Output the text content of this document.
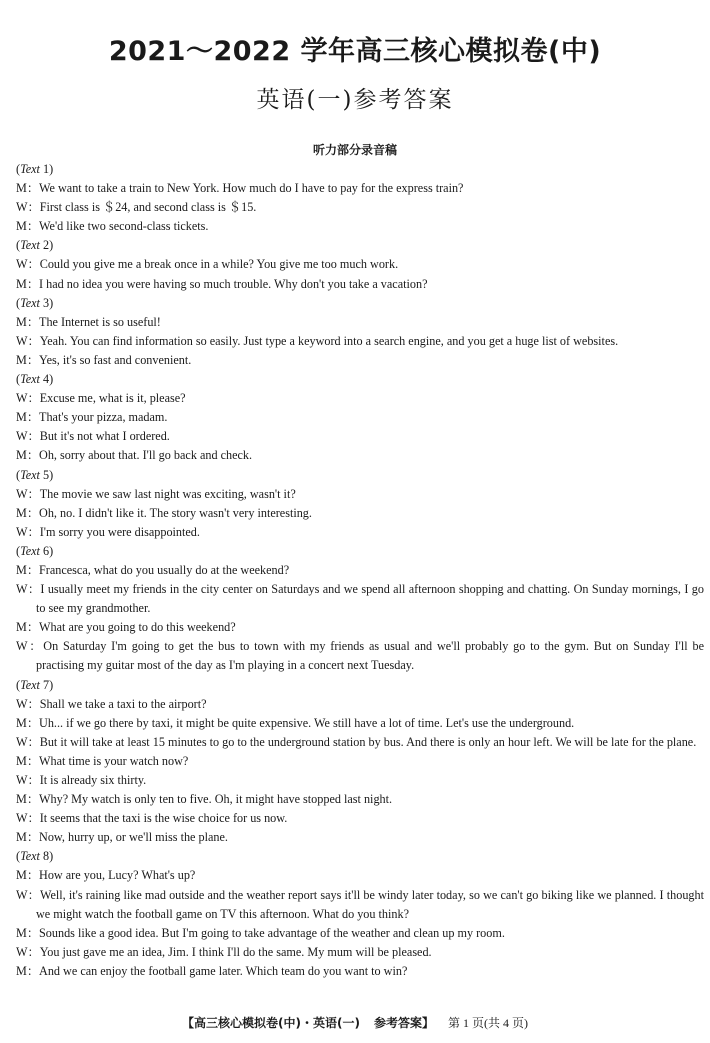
2021～2022 学年高三核心模拟卷(中)
英语(一)参考答案
听力部分录音稿
(Text 1)
M：We want to take a train to New York. How much do I have to pay for the express train?
W：First class is ＄24, and second class is ＄15.
M：We'd like two second-class tickets.
(Text 2)
W：Could you give me a break once in a while? You give me too much work.
M：I had no idea you were having so much trouble. Why don't you take a vacation?
(Text 3)
M：The Internet is so useful!
W：Yeah. You can find information so easily. Just type a keyword into a search engine, and you get a huge list of websites.
M：Yes, it's so fast and convenient.
(Text 4)
W：Excuse me, what is it, please?
M：That's your pizza, madam.
W：But it's not what I ordered.
M：Oh, sorry about that. I'll go back and check.
(Text 5)
W：The movie we saw last night was exciting, wasn't it?
M：Oh, no. I didn't like it. The story wasn't very interesting.
W：I'm sorry you were disappointed.
(Text 6)
M：Francesca, what do you usually do at the weekend?
W：I usually meet my friends in the city center on Saturdays and we spend all afternoon shopping and chatting. On Sunday mornings, I go to see my grandmother.
M：What are you going to do this weekend?
W：On Saturday I'm going to get the bus to town with my friends as usual and we'll probably go to the gym. But on Sunday I'll be practising my guitar most of the day as I'm playing in a concert next Tuesday.
(Text 7)
W：Shall we take a taxi to the airport?
M：Uh... if we go there by taxi, it might be quite expensive. We still have a lot of time. Let's use the underground.
W：But it will take at least 15 minutes to go to the underground station by bus. And there is only an hour left. We will be late for the plane.
M：What time is your watch now?
W：It is already six thirty.
M：Why? My watch is only ten to five. Oh, it might have stopped last night.
W：It seems that the taxi is the wise choice for us now.
M：Now, hurry up, or we'll miss the plane.
(Text 8)
M：How are you, Lucy? What's up?
W：Well, it's raining like mad outside and the weather report says it'll be windy later today, so we can't go biking like we planned. I thought we might watch the football game on TV this afternoon. What do you think?
M：Sounds like a good idea. But I'm going to take advantage of the weather and clean up my room.
W：You just gave me an idea, Jim. I think I'll do the same. My mum will be pleased.
M：And we can enjoy the football game later. Which team do you want to win?
【高三核心模拟卷(中)・英语(一) 参考答案】 第 1 页(共 4 页)
